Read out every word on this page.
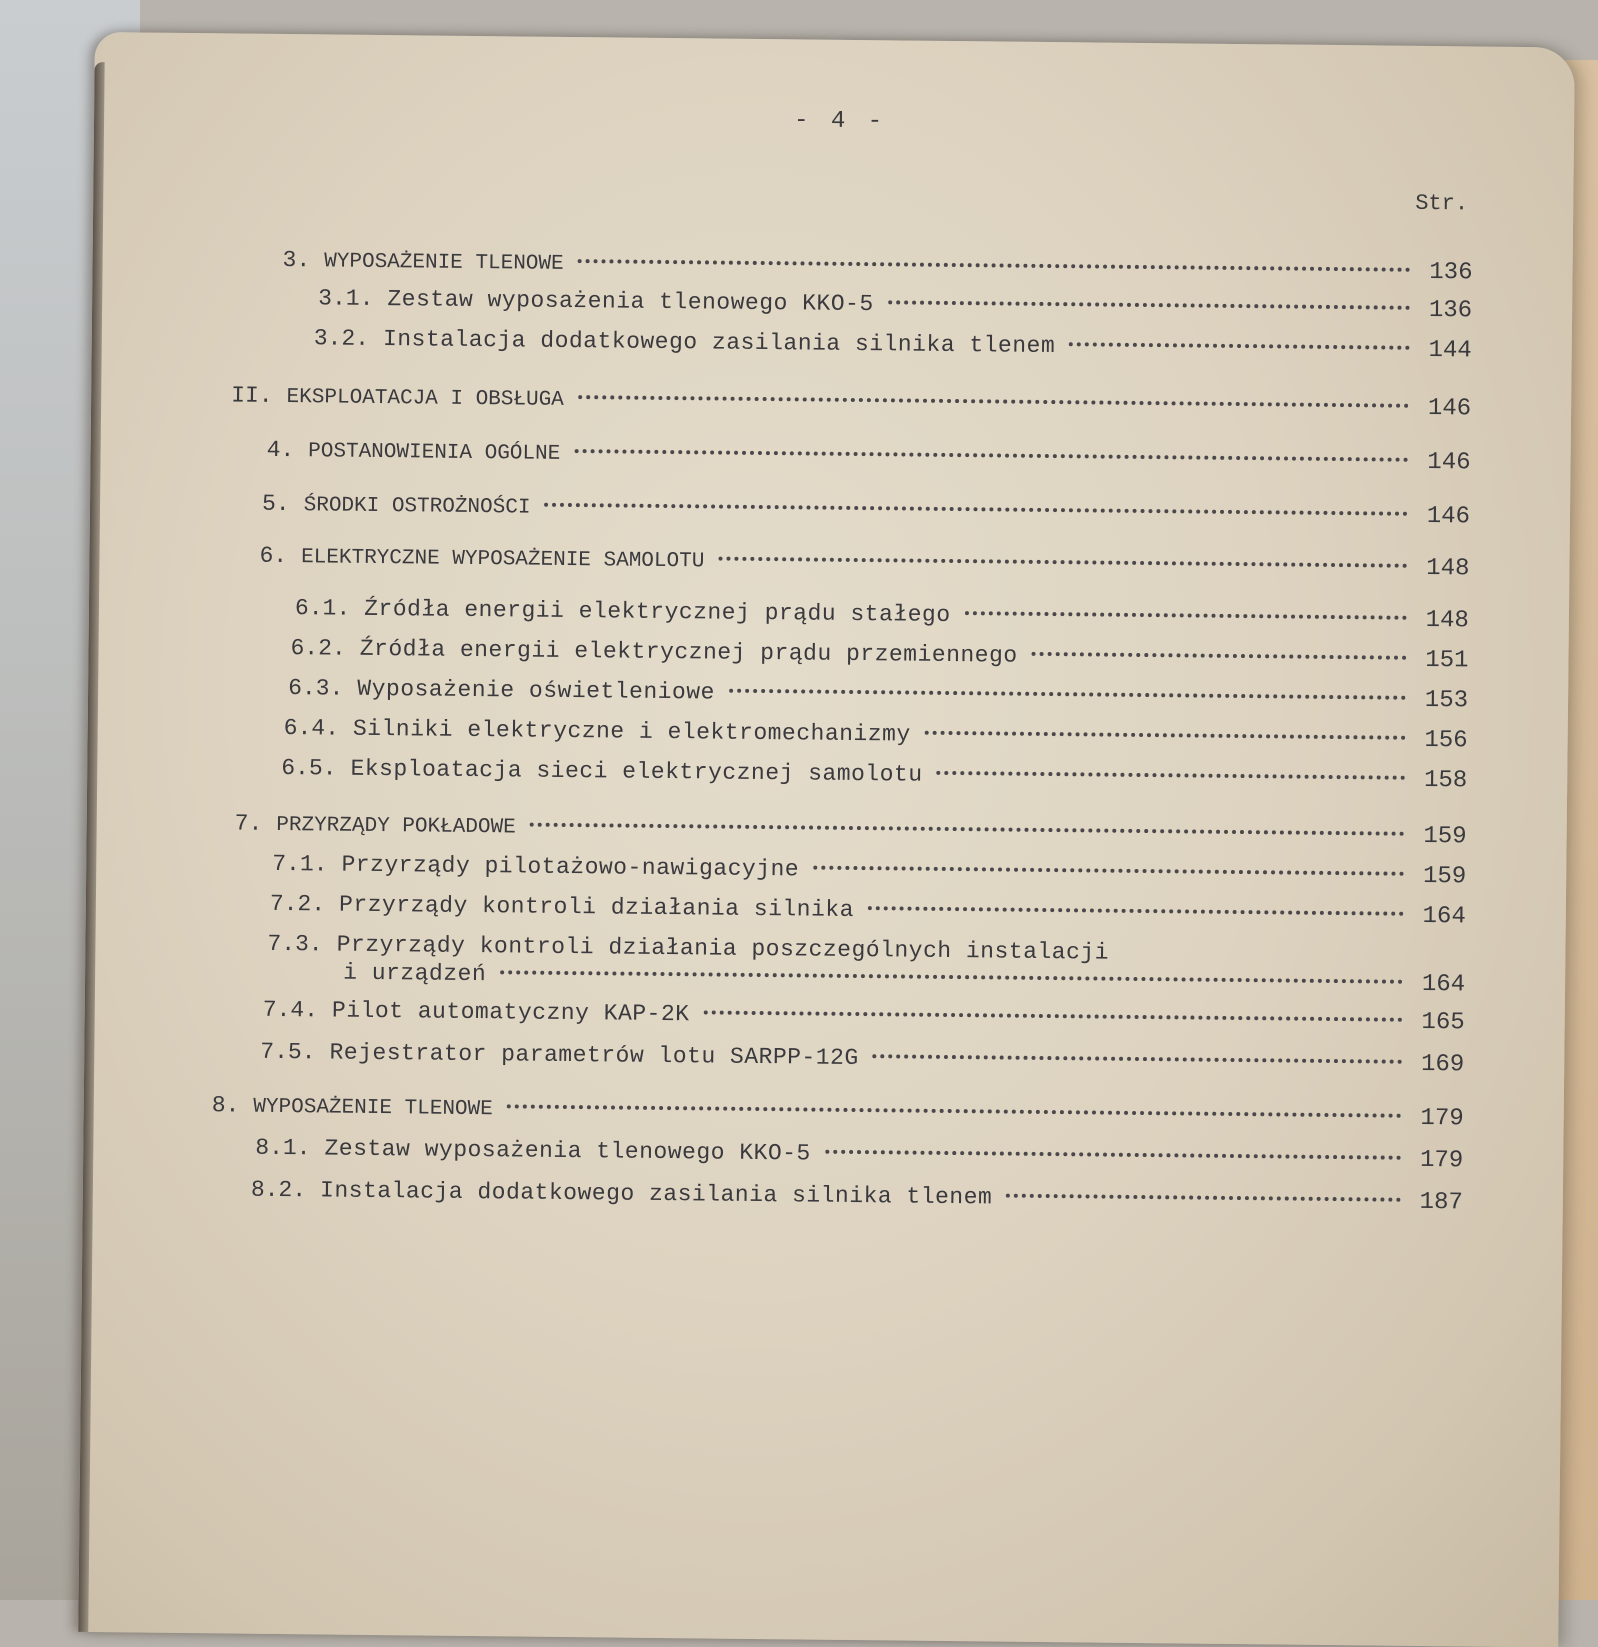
- 4 -
Str.
3. WYPOSAŻENIE TLENOWE	136
3.1. Zestaw wyposażenia tlenowego KKO-5	136
3.2. Instalacja dodatkowego zasilania silnika tlenem	144
II. EKSPLOATACJA I OBSŁUGA	146
4. POSTANOWIENIA OGÓLNE	146
5. ŚRODKI OSTROŻNOŚCI	146
6. ELEKTRYCZNE WYPOSAŻENIE SAMOLOTU	148
6.1. Źródła energii elektrycznej prądu stałego	148
6.2. Źródła energii elektrycznej prądu przemiennego	151
6.3. Wyposażenie oświetleniowe	153
6.4. Silniki elektryczne i elektromechanizmy	156
6.5. Eksploatacja sieci elektrycznej samolotu	158
7. PRZYRZĄDY POKŁADOWE	159
7.1. Przyrządy pilotażowo-nawigacyjne	159
7.2. Przyrządy kontroli działania silnika	164
7.3. Przyrządy kontroli działania poszczególnych instalacji
i urządzeń	164
7.4. Pilot automatyczny KAP-2K	165
7.5. Rejestrator parametrów lotu SARPP-12G	169
8. WYPOSAŻENIE TLENOWE	179
8.1. Zestaw wyposażenia tlenowego KKO-5	179
8.2. Instalacja dodatkowego zasilania silnika tlenem	187
